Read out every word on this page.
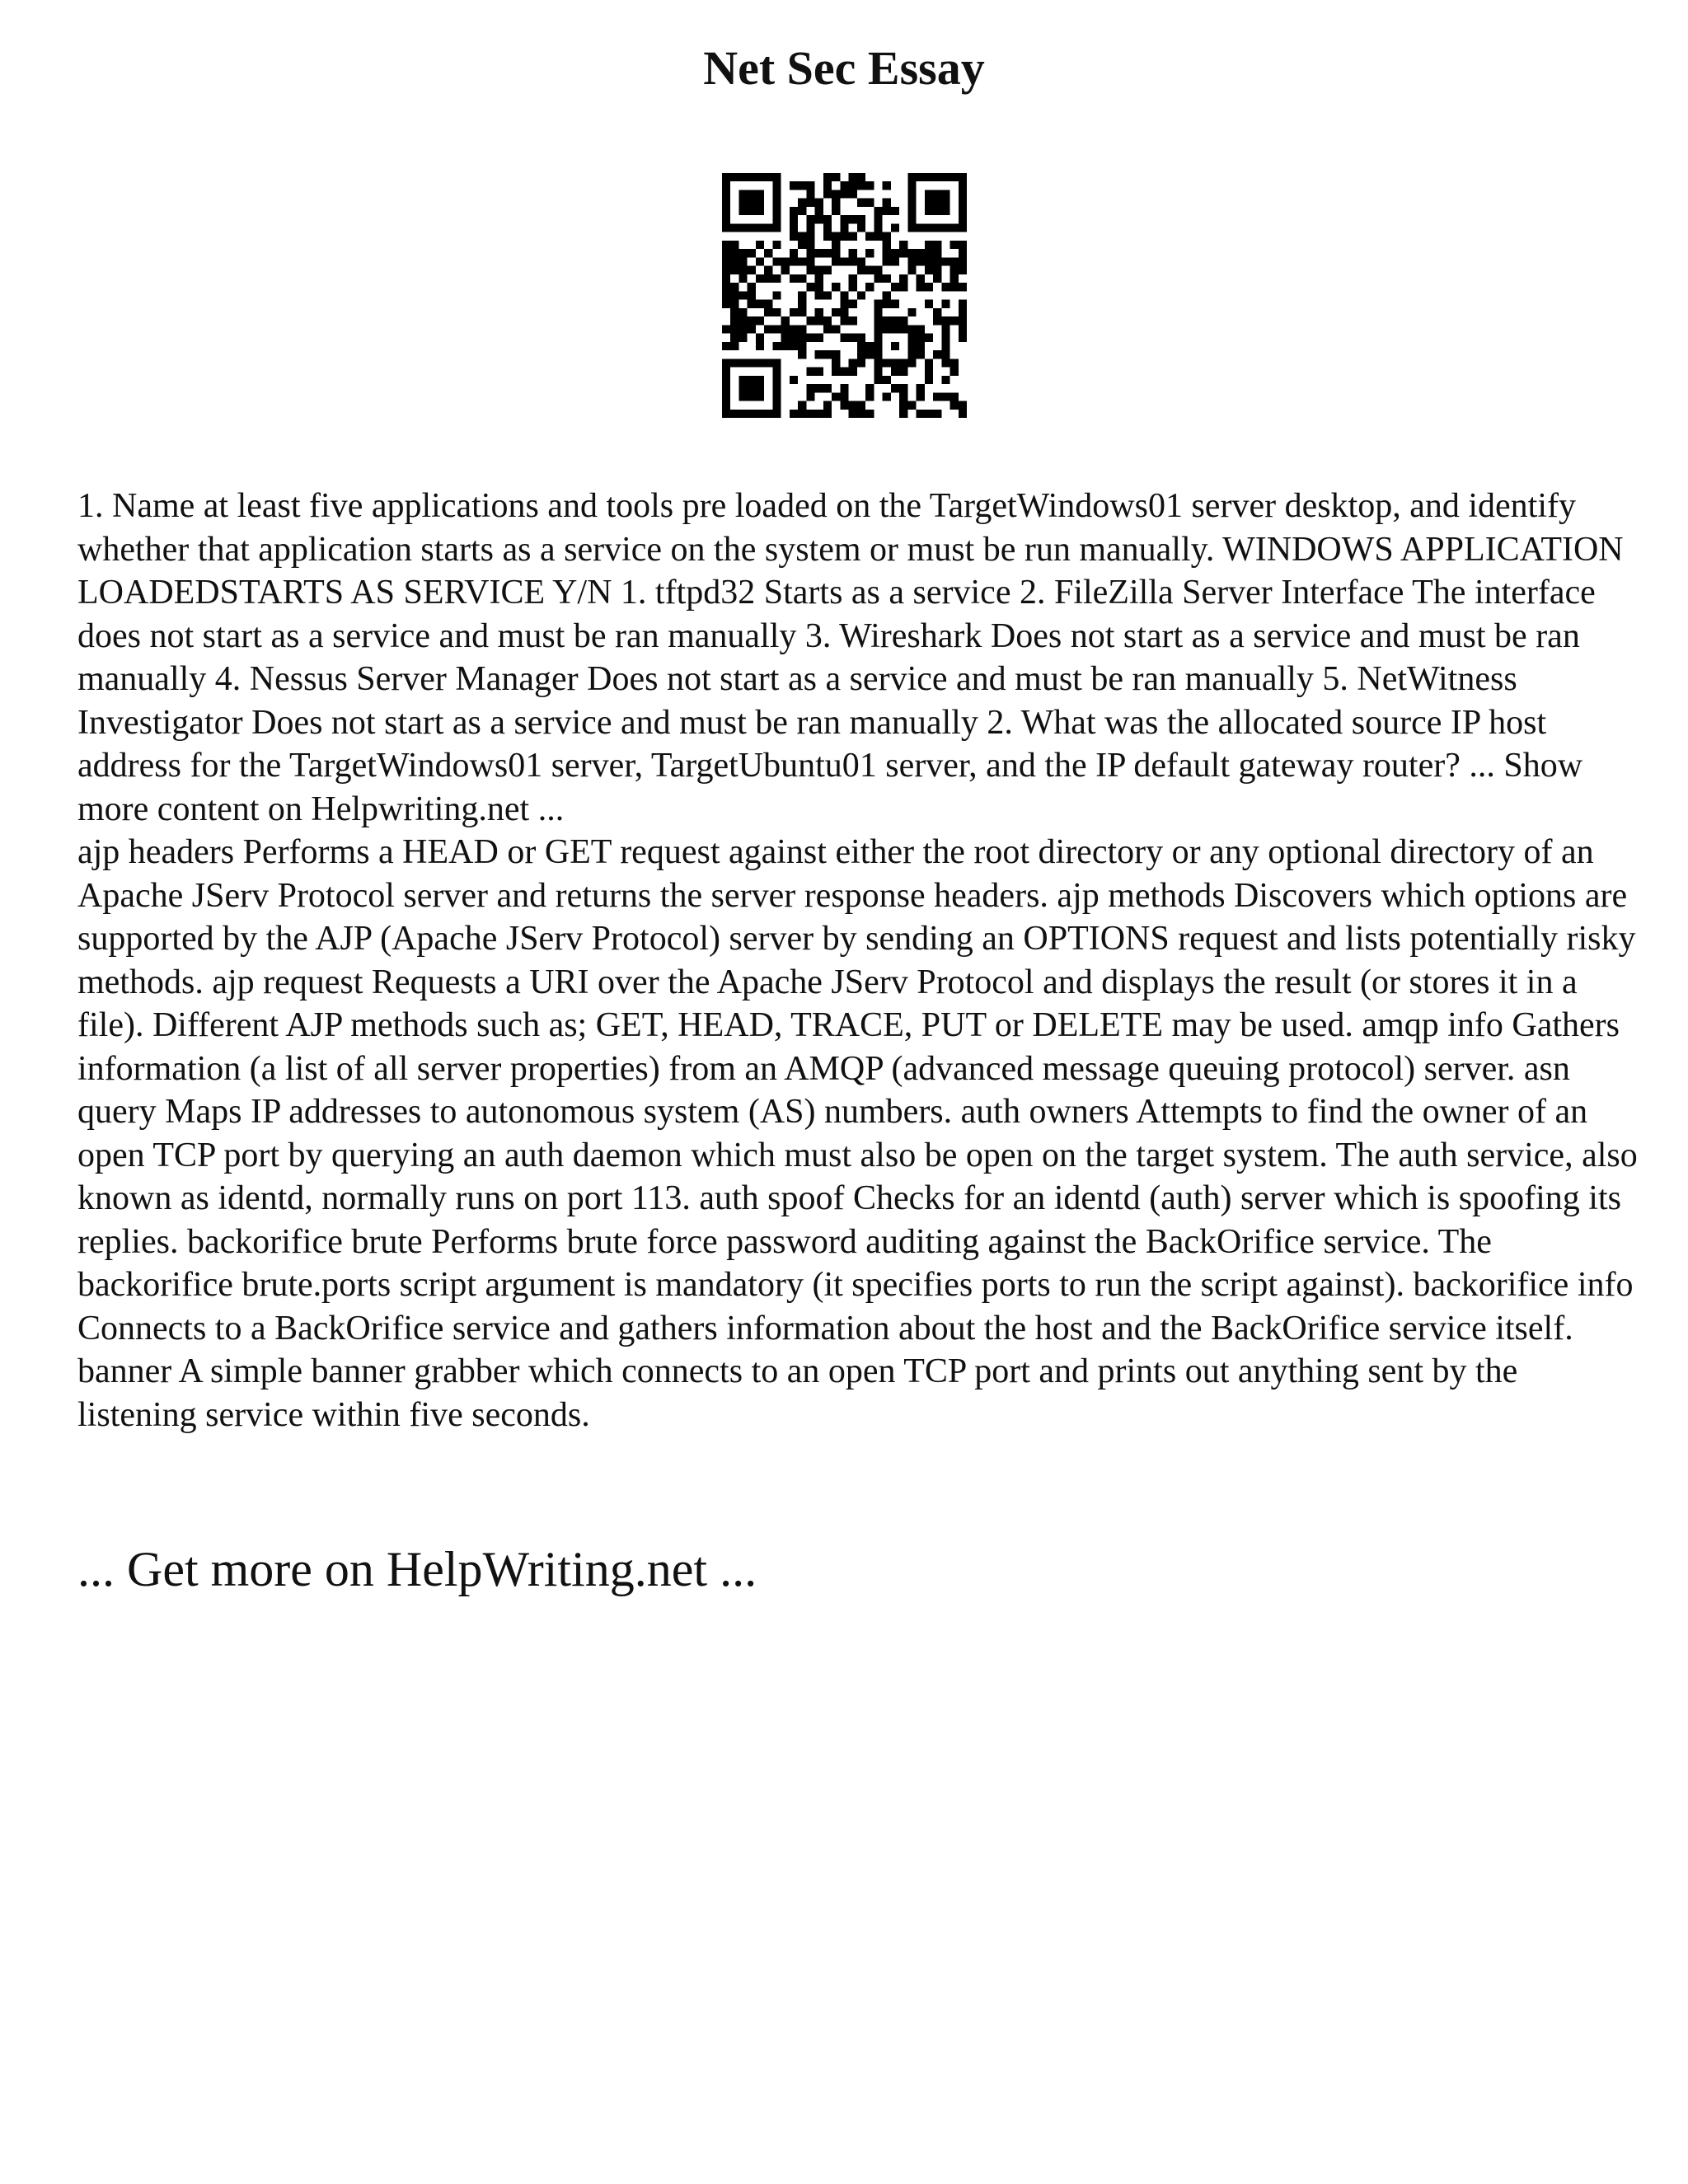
Net Sec Essay

1. Name at least five applications and tools pre loaded on the TargetWindows01 server desktop, and identify whether that application starts as a service on the system or must be run manually. WINDOWS APPLICATION LOADEDSTARTS AS SERVICE Y/N 1. tftpd32 Starts as a service 2. FileZilla Server Interface The interface does not start as a service and must be ran manually 3. Wireshark Does not start as a service and must be ran manually 4. Nessus Server Manager Does not start as a service and must be ran manually 5. NetWitness Investigator Does not start as a service and must be ran manually 2. What was the allocated source IP host address for the TargetWindows01 server, TargetUbuntu01 server, and the IP default gateway router? ... Show more content on Helpwriting.net ...

ajp headers Performs a HEAD or GET request against either the root directory or any optional directory of an Apache JServ Protocol server and returns the server response headers. ajp methods Discovers which options are supported by the AJP (Apache JServ Protocol) server by sending an OPTIONS request and lists potentially risky methods. ajp request Requests a URI over the Apache JServ Protocol and displays the result (or stores it in a file). Different AJP methods such as; GET, HEAD, TRACE, PUT or DELETE may be used. amqp info Gathers information (a list of all server properties) from an AMQP (advanced message queuing protocol) server. asn query Maps IP addresses to autonomous system (AS) numbers. auth owners Attempts to find the owner of an open TCP port by querying an auth daemon which must also be open on the target system. The auth service, also known as identd, normally runs on port 113. auth spoof Checks for an identd (auth) server which is spoofing its replies. backorifice brute Performs brute force password auditing against the BackOrifice service. The backorifice brute.ports script argument is mandatory (it specifies ports to run the script against). backorifice info Connects to a BackOrifice service and gathers information about the host and the BackOrifice service itself. banner A simple banner grabber which connects to an open TCP port and prints out anything sent by the listening service within five seconds.

... Get more on HelpWriting.net ...
